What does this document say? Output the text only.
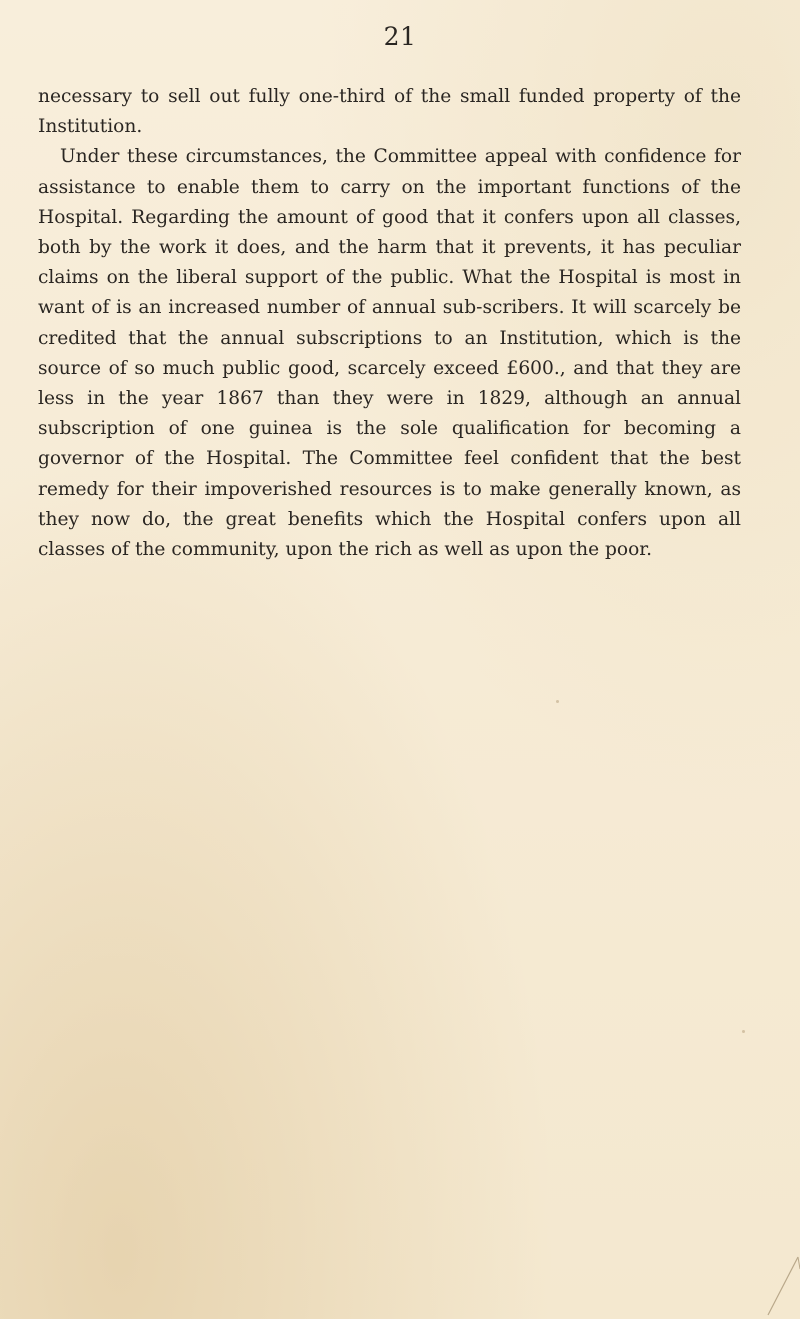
21

necessary to sell out fully one-third of the small funded property of the Institution.

Under these circumstances, the Committee appeal with confidence for assistance to enable them to carry on the important functions of the Hospital. Regarding the amount of good that it confers upon all classes, both by the work it does, and the harm that it prevents, it has peculiar claims on the liberal support of the public. What the Hospital is most in want of is an increased number of annual sub-scribers. It will scarcely be credited that the annual subscriptions to an Institution, which is the source of so much public good, scarcely exceed £600., and that they are less in the year 1867 than they were in 1829, although an annual subscription of one guinea is the sole qualification for becoming a governor of the Hospital. The Committee feel confident that the best remedy for their impoverished resources is to make generally known, as they now do, the great benefits which the Hospital confers upon all classes of the community, upon the rich as well as upon the poor.
